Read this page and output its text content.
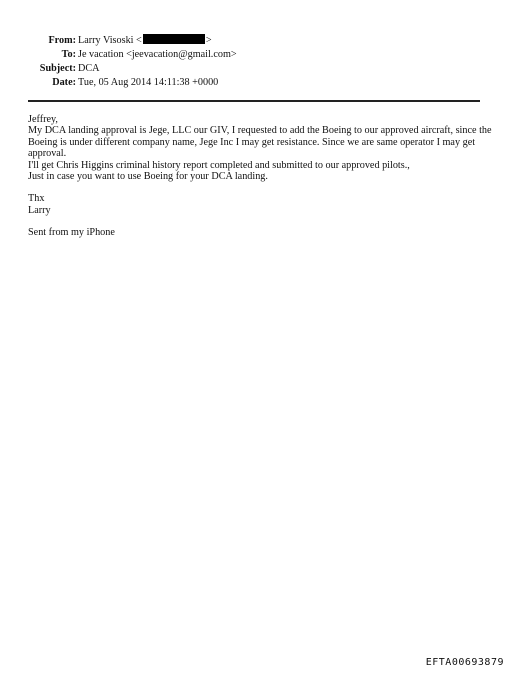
From: Larry Visoski <	>
To: Je vacation <jeevacation@gmail.com>
Subject: DCA
Date: Tue, 05 Aug 2014 14:11:38 +0000

Jeffrey,

My DCA landing approval is Jege, LLC our GIV, I requested to add the Boeing to our approved aircraft, since the Boeing is under different company name, Jege Inc I may get resistance. Since we are same operator I may get approval.

I'll get Chris Higgins criminal history report completed and submitted to our approved pilots.,

Just in case you want to use Boeing for your DCA landing.

Thx

Larry

Sent from my iPhone

EFTA00693879
